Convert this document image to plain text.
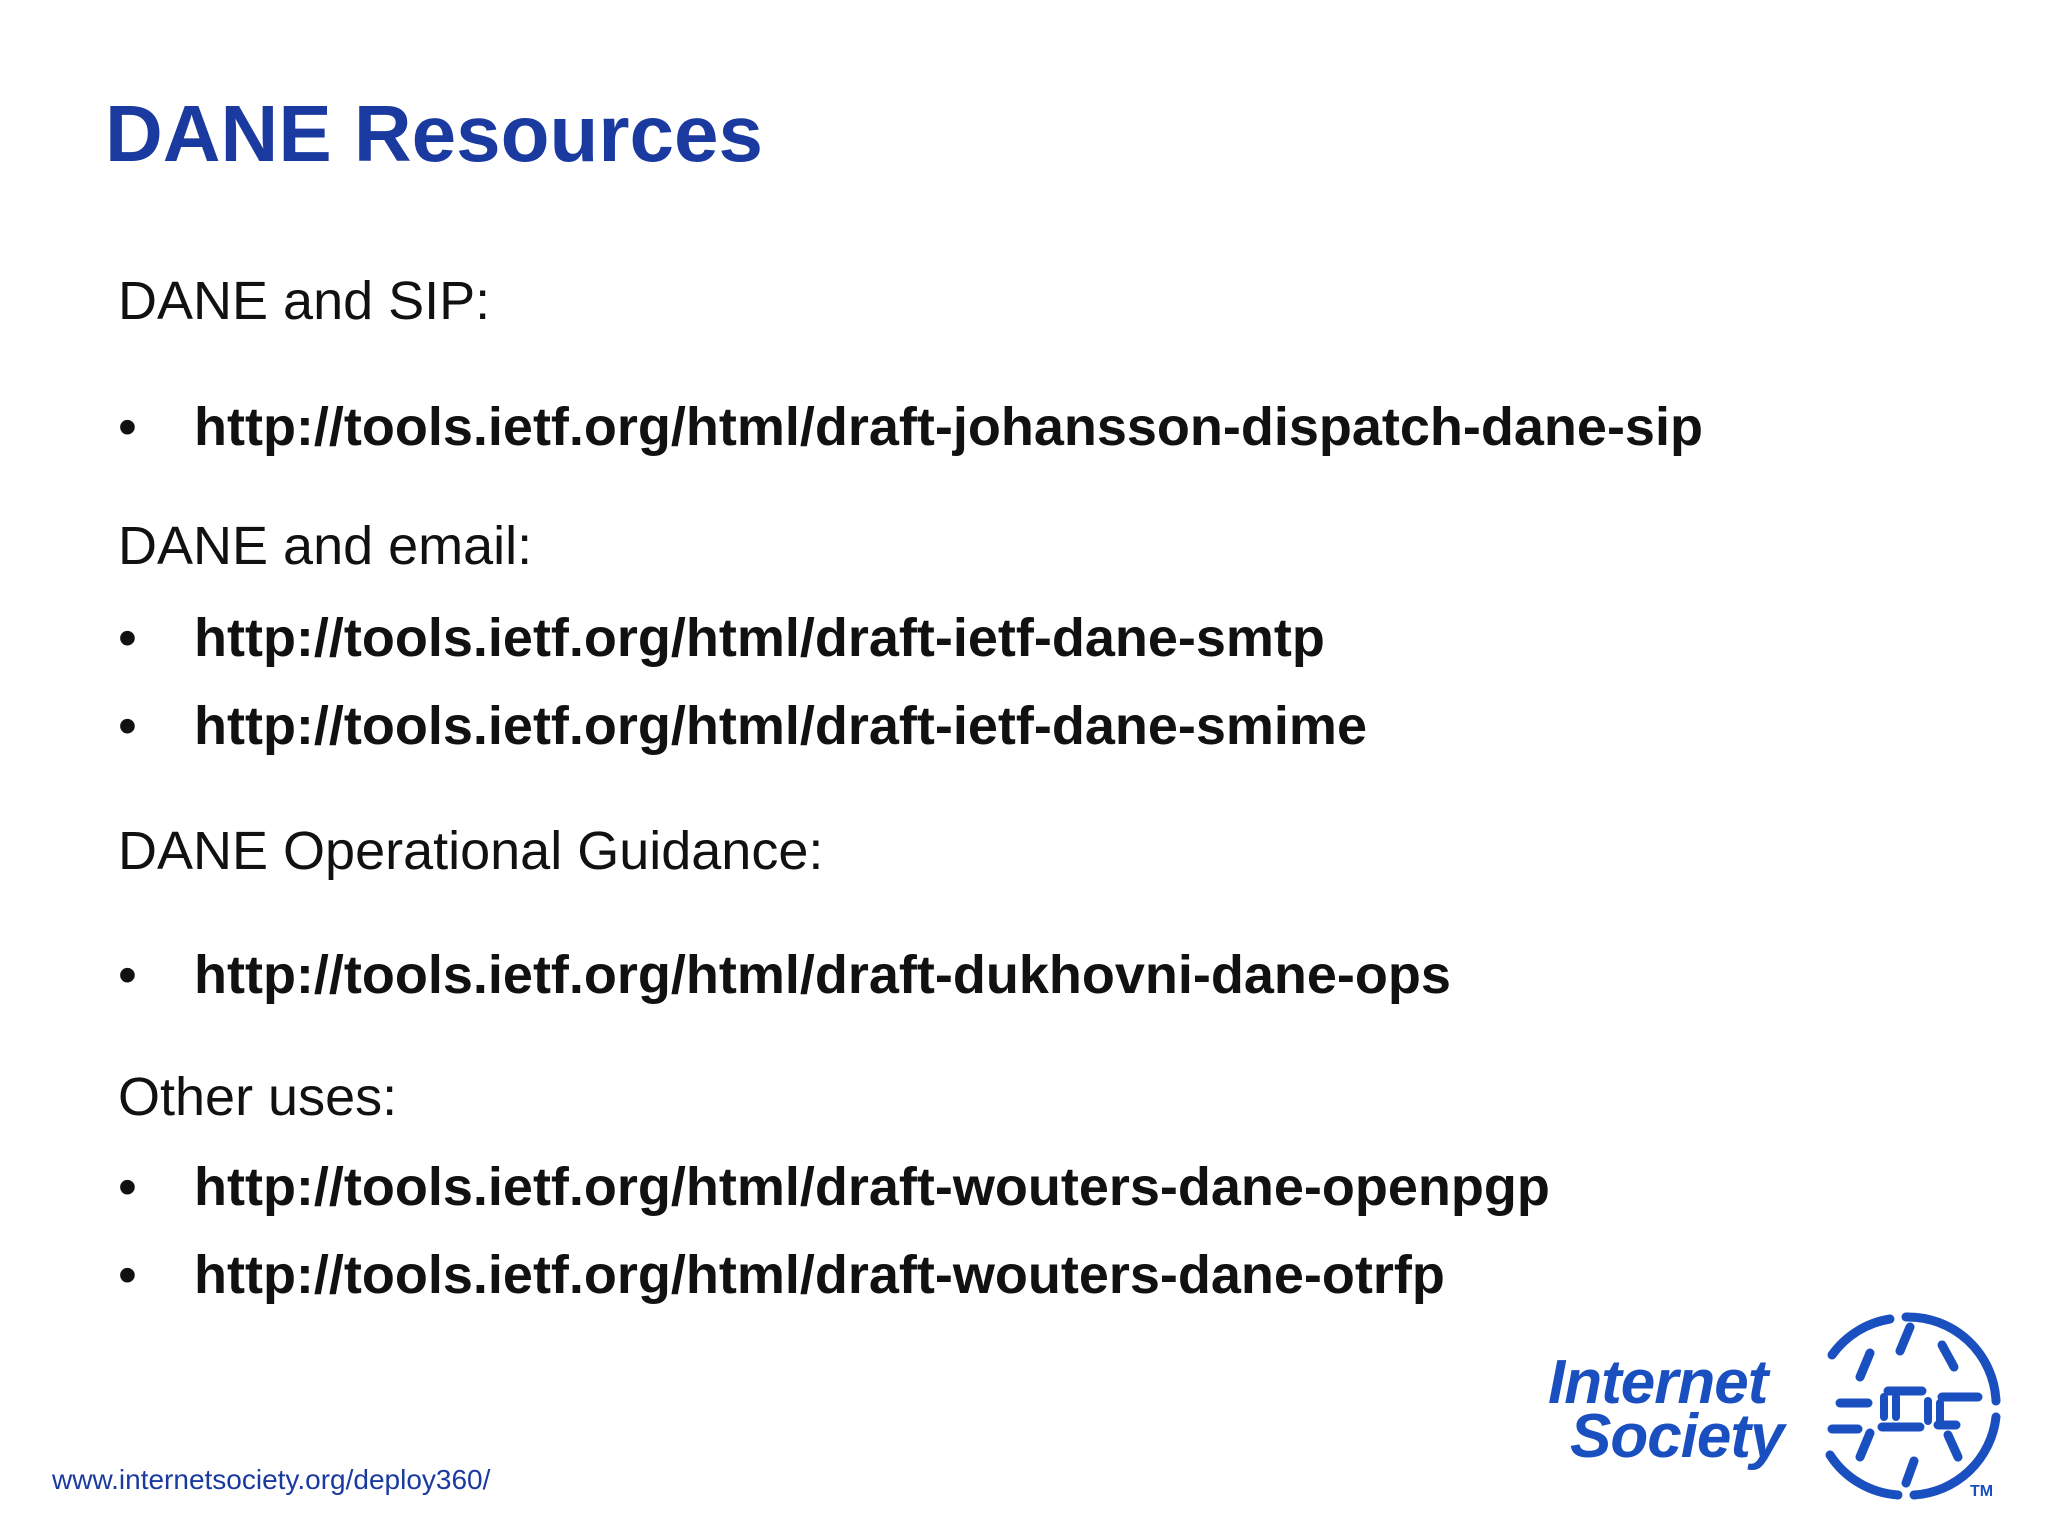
DANE Resources
DANE and SIP:
• http://tools.ietf.org/html/draft-johansson-dispatch-dane-sip
DANE and email:
• http://tools.ietf.org/html/draft-ietf-dane-smtp
• http://tools.ietf.org/html/draft-ietf-dane-smime
DANE Operational Guidance:
• http://tools.ietf.org/html/draft-dukhovni-dane-ops
Other uses:
• http://tools.ietf.org/html/draft-wouters-dane-openpgp
• http://tools.ietf.org/html/draft-wouters-dane-otrfp
www.internetsociety.org/deploy360/
Internet
Society
TM
